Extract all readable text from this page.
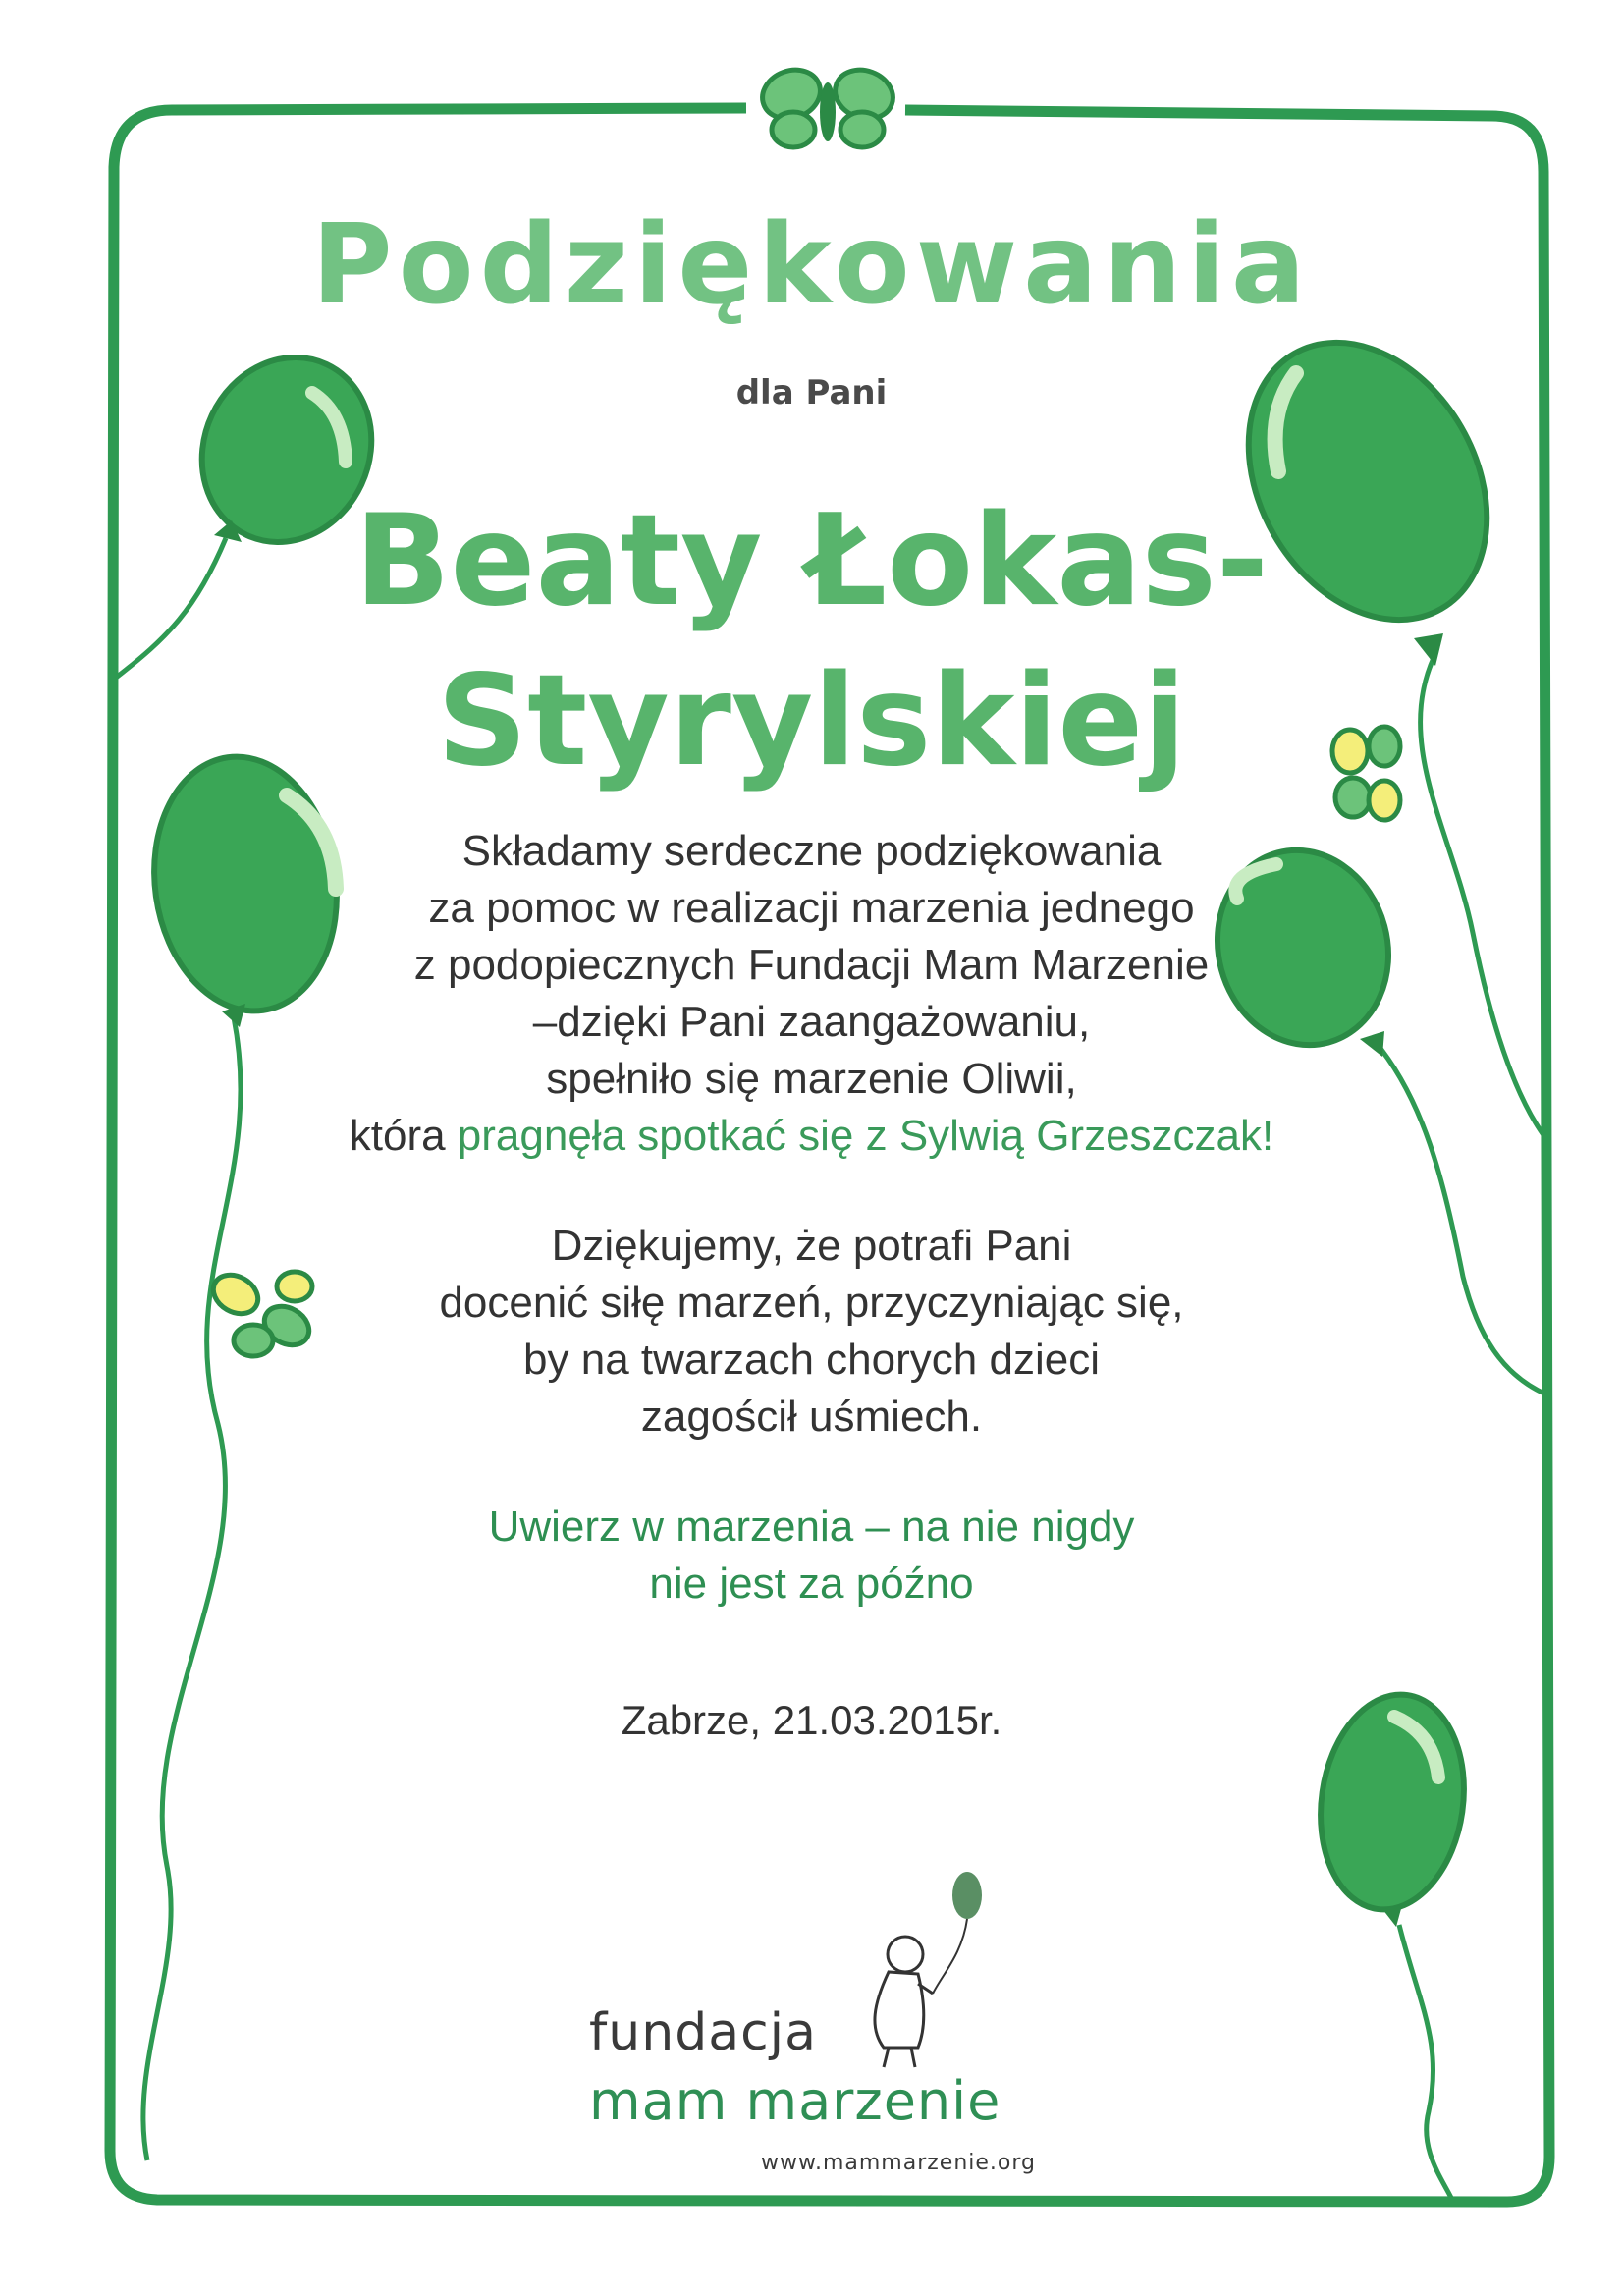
Podziękowania
dla Pani
Beaty Łokas-
Styrylskiej
Składamy serdeczne podziękowania
za pomoc w realizacji marzenia jednego
z podopiecznych Fundacji Mam Marzenie
–dzięki Pani zaangażowaniu,
spełniło się marzenie Oliwii,
która pragnęła spotkać się z Sylwią Grzeszczak!
Dziękujemy, że potrafi Pani
docenić siłę marzeń, przyczyniając się,
by na twarzach chorych dzieci
zagościł uśmiech.
Uwierz w marzenia – na nie nigdy
nie jest za późno
Zabrze, 21.03.2015r.
fundacja
mam marzenie
www.mammarzenie.org
